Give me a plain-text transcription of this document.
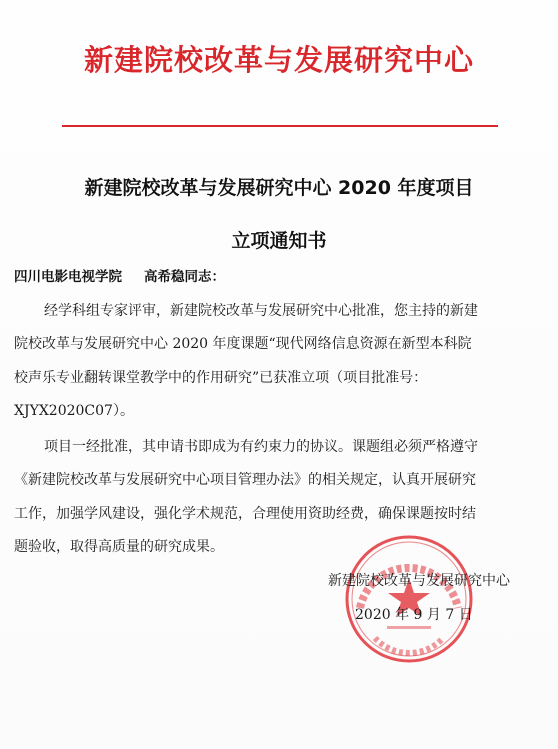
新建院校改革与发展研究中心
新建院校改革与发展研究中心 2020 年度项目
立项通知书
四川电影电视学院 高希稳同志：
经学科组专家评审，新建院校改革与发展研究中心批准，您主持的新建
院校改革与发展研究中心 2020 年度课题“现代网络信息资源在新型本科院
校声乐专业翻转课堂教学中的作用研究”已获准立项（项目批准号：
XJYX2020C07）。
项目一经批准，其申请书即成为有约束力的协议。课题组必须严格遵守
《新建院校改革与发展研究中心项目管理办法》的相关规定，认真开展研究
工作，加强学风建设，强化学术规范，合理使用资助经费，确保课题按时结
题验收，取得高质量的研究成果。
新建院校改革与发展研究中心
2020 年 9 月 7 日
